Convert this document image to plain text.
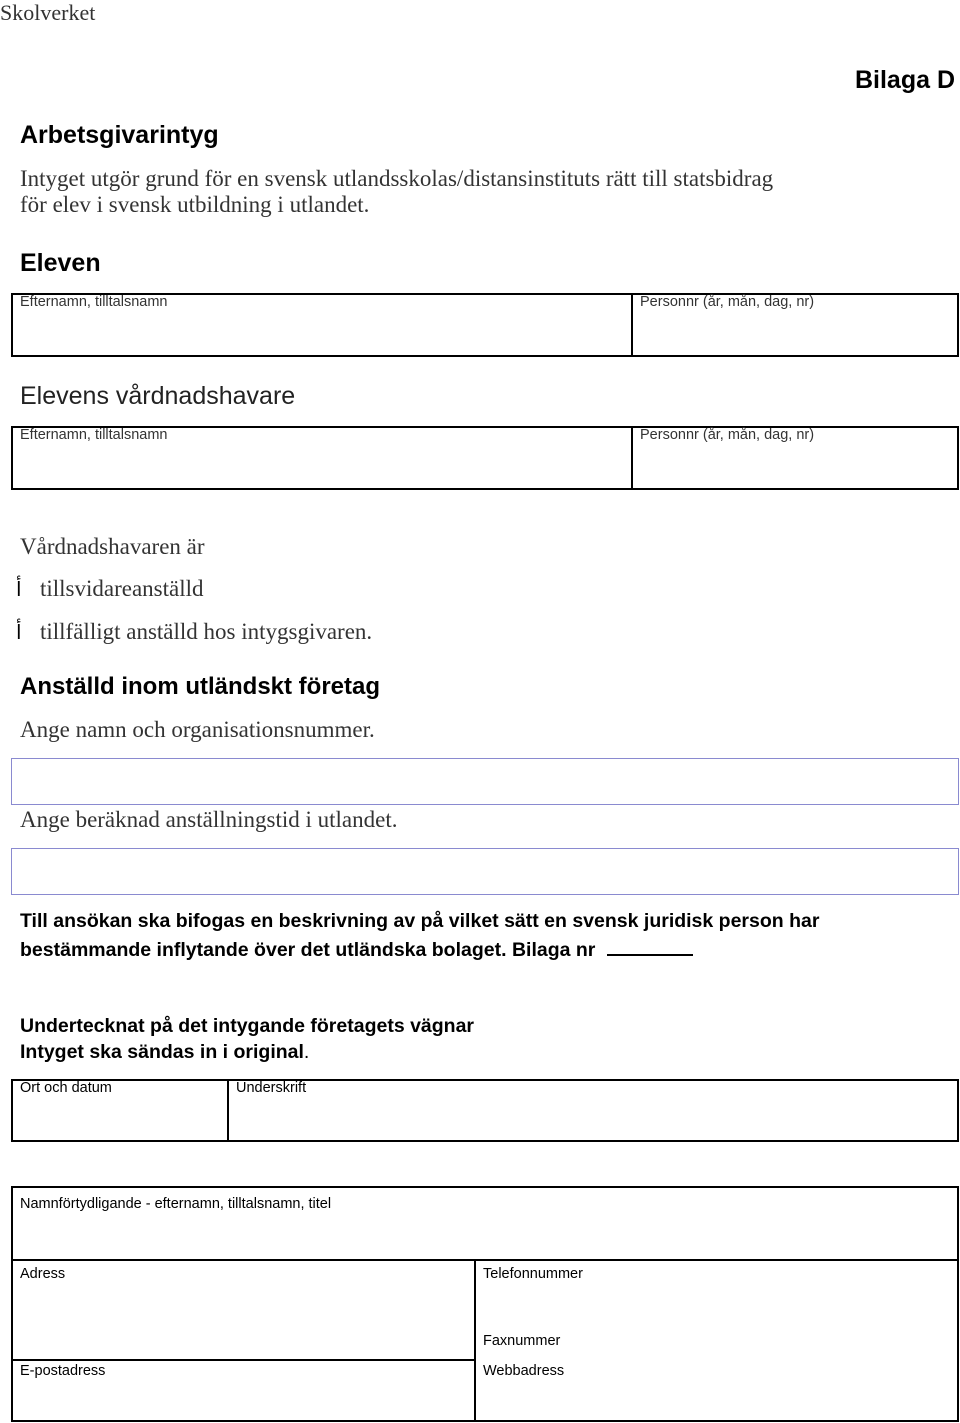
Skolverket
Bilaga D
Arbetsgivarintyg
Intyget utgör grund för en svensk utlandsskolas/distansinstituts rätt till statsbidrag
för elev i svensk utbildning i utlandet.
Eleven
Efternamn, tilltalsnamn	Personnr (år, mån, dag, nr)
Elevens vårdnadshavare
Efternamn, tilltalsnamn	Personnr (år, mån, dag, nr)
Vårdnadshavaren är
ﺃ tillsvidareanställd
ﺃ tillfälligt anställd hos intygsgivaren.
Anställd inom utländskt företag
Ange namn och organisationsnummer.
Ange beräknad anställningstid i utlandet.
Till ansökan ska bifogas en beskrivning av på vilket sätt en svensk juridisk person har
bestämmande inflytande över det utländska bolaget. Bilaga nr
Undertecknat på det intygande företagets vägnar
Intyget ska sändas in i original.
Ort och datum	Underskrift
Namnförtydligande - efternamn, tilltalsnamn, titel
Adress	Telefonnummer
Faxnummer
E-postadress	Webbadress
